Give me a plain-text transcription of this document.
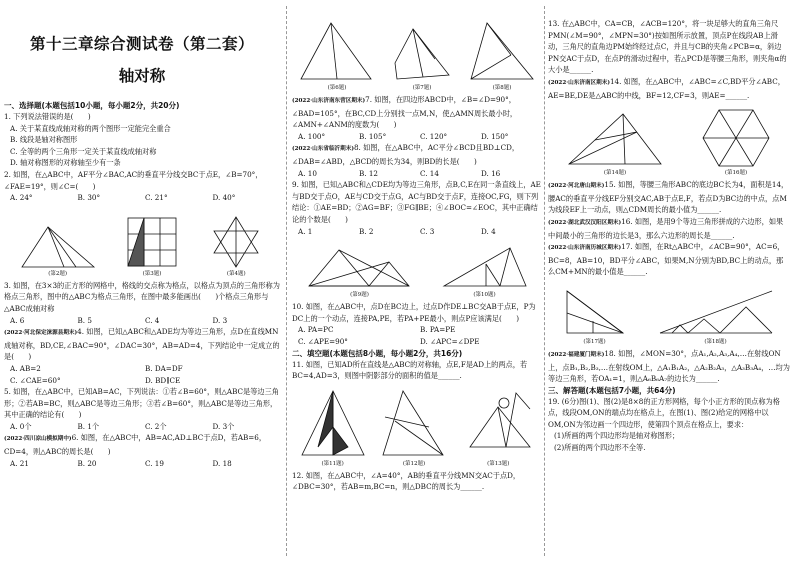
第十三章综合测试卷（第二套）
轴对称
一、选择题(本题包括10小题，每小题2分，共20分)
1. 下列说法错误的是(　　)
A. 关于某直线成轴对称的两个图形一定能完全重合
B. 线段是轴对称图形
C. 全等的两个三角形一定关于某直线成轴对称
D. 轴对称图形的对称轴至少有一条
2. 如图，在△ABC中，AF平分∠BAC,AC的垂直平分线交BC于点E，∠B=70°，∠FAE=19°，则∠C=(　　)
A. 24°	B. 30°	C. 21°	D. 40°
(第2题)	(第3题)	(第4题)
3. 如图，在3×3的正方形的网格中，格线的交点称为格点，以格点为顶点的三角形称为格点三角形，图中的△ABC为格点三角形，在图中最多能画出(　　)个格点三角形与△ABC成轴对称
A. 6	B. 5	C. 4	D. 3
(2022·河北保定涞源县期末)4. 如图，已知△ABC和△ADE均为等边三角形，点D在直线MN成轴对称，BD,CE,∠BAC=90°，∠DAC=30°，AB=AD=4，下列结论中一定成立的是(　　)
A. AB=2	B. DA=DF
C. ∠CAE=60°	D. BD∥CE
5. 如图，在△ABC中，已知AB=AC，下列说法：①若∠B=60°，则△ABC是等边三角形；②若AB=BC，则△ABC是等边三角形；③若∠B=60°，则△ABC是等边三角形，其中正确的结论有(　　)
A. 0个	B. 1个	C. 2个	D. 3个
(2022·四川凉山模拟期中)6. 如图，在△ABC中，AB=AC,AD⊥BC于点D，若AB=6，CD=4，则△ABC的周长是(　　)
A. 21	B. 20	C. 19	D. 18
(第6题)	(第7题)	(第8题)
(2022·山东济南东营区期末)7. 如图，在四边形ABCD中，∠B=∠D=90°，∠BAD=105°，在BC,CD上分别找一点M,N，使△AMN周长最小时，∠AMN+∠ANM的度数为(　　)
A. 100°	B. 105°	C. 120°	D. 150°
(2022·山东省临沂期末)8. 如图，在△ABC中，AC平分∠BCD且BD⊥CD，∠DAB=∠ABD，△BCD的周长为34，则BD的长是(　　)
A. 10	B. 12	C. 14	D. 16
9. 如图，已知△ABC和△CDE均为等边三角形，点B,C,E在同一条直线上，AE与BD交于点O，AE与CD交于点G，AC与BD交于点F，连接OC,FG，则下列结论：①AE=BD；②AG=BF；③FG∥BE；④∠BOC=∠EOC，其中正确结论的个数是(　　)
A. 1	B. 2	C. 3	D. 4
(第9题)	(第10题)
10. 如图，在△ABC中，点D在BC边上，过点D作DE⊥BC交AB于点E，P为DC上的一个动点，连接PA,PE，若PA+PE最小，则点P应该满足(　　)
A. PA=PC	B. PA=PE
C. ∠APE=90°	D. ∠APC=∠DPE
二、填空题(本题包括8小题，每小题2分，共16分)
11. 如图，已知AD所在直线是△ABC的对称轴，点E,F是AD上的两点，若BC=4,AD=3，则图中阴影部分的面积的值是______.
(第11题)	(第12题)	(第13题)
12. 如图，在△ABC中，∠A=40°，AB的垂直平分线MN交AC于点D，∠DBC=30°，若AB=m,BC=n，则△DBC的周长为______.
13. 在△ABC中，CA=CB，∠ACB=120°，将一块足够大的直角三角尺PMN(∠M=90°，∠MPN=30°)按如图所示放置，顶点P在线段AB上滑动，三角尺的直角边PM始终经过点C，并且与CB的夹角∠PCB=α，斜边PN交AC于点D，在点P的滑动过程中，若△PCD是等腰三角形，则夹角α的大小是______.
(2022·山东济南区期末)14. 如图，在△ABC中，∠ABC=∠C,BD平分∠ABC，AE=BE,DE是△ABC的中线，BF=12,CF=3，则AE=______.
(第14题)	(第16题)
(2022·河北唐山期末)15. 如图，等腰三角形ABC的底边BC长为4，面积是14，腰AC的垂直平分线EF分别交AC,AB于点E,F，若点D为BC边的中点，点M为线段EF上一动点，则△CDM周长的最小值为______.
(2022·湖北武汉汉阳区期末)16. 如图，是用9个等边三角形拼成的六边形，如果中间最小的三角形的边长是3，那么六边形的周长是______.
(2022·山东济南历城区期末)17. 如图，在Rt△ABC中，∠ACB=90°，AC=6，BC=8，AB=10，BD平分∠ABC，如果M,N分别为BD,BC上的动点，那么CM+MN的最小值是______.
(第17题)	(第18题)
(2022·福建厦门期末)18. 如图，∠MON=30°，点A₁,A₂,A₃,A₄,…在射线ON上，点B₁,B₂,B₃,…在射线OM上，△A₁B₁A₂，△A₂B₂A₃，△A₃B₃A₄，…均为等边三角形，若OA₁=1，则△A₆B₆A₇的边长为______.
三、解答题(本题包括7小题，共64分)
19. (6分)图(1)、图(2)是8×8的正方形网格，每个小正方形的顶点称为格点，线段OM,ON的端点均在格点上，在图(1)、图(2)给定的网格中以OM,ON为邻边画一个四边形，使第四个顶点在格点上，要求：
(1)所画的两个四边形均是轴对称图形；
(2)所画的两个四边形不全等.
